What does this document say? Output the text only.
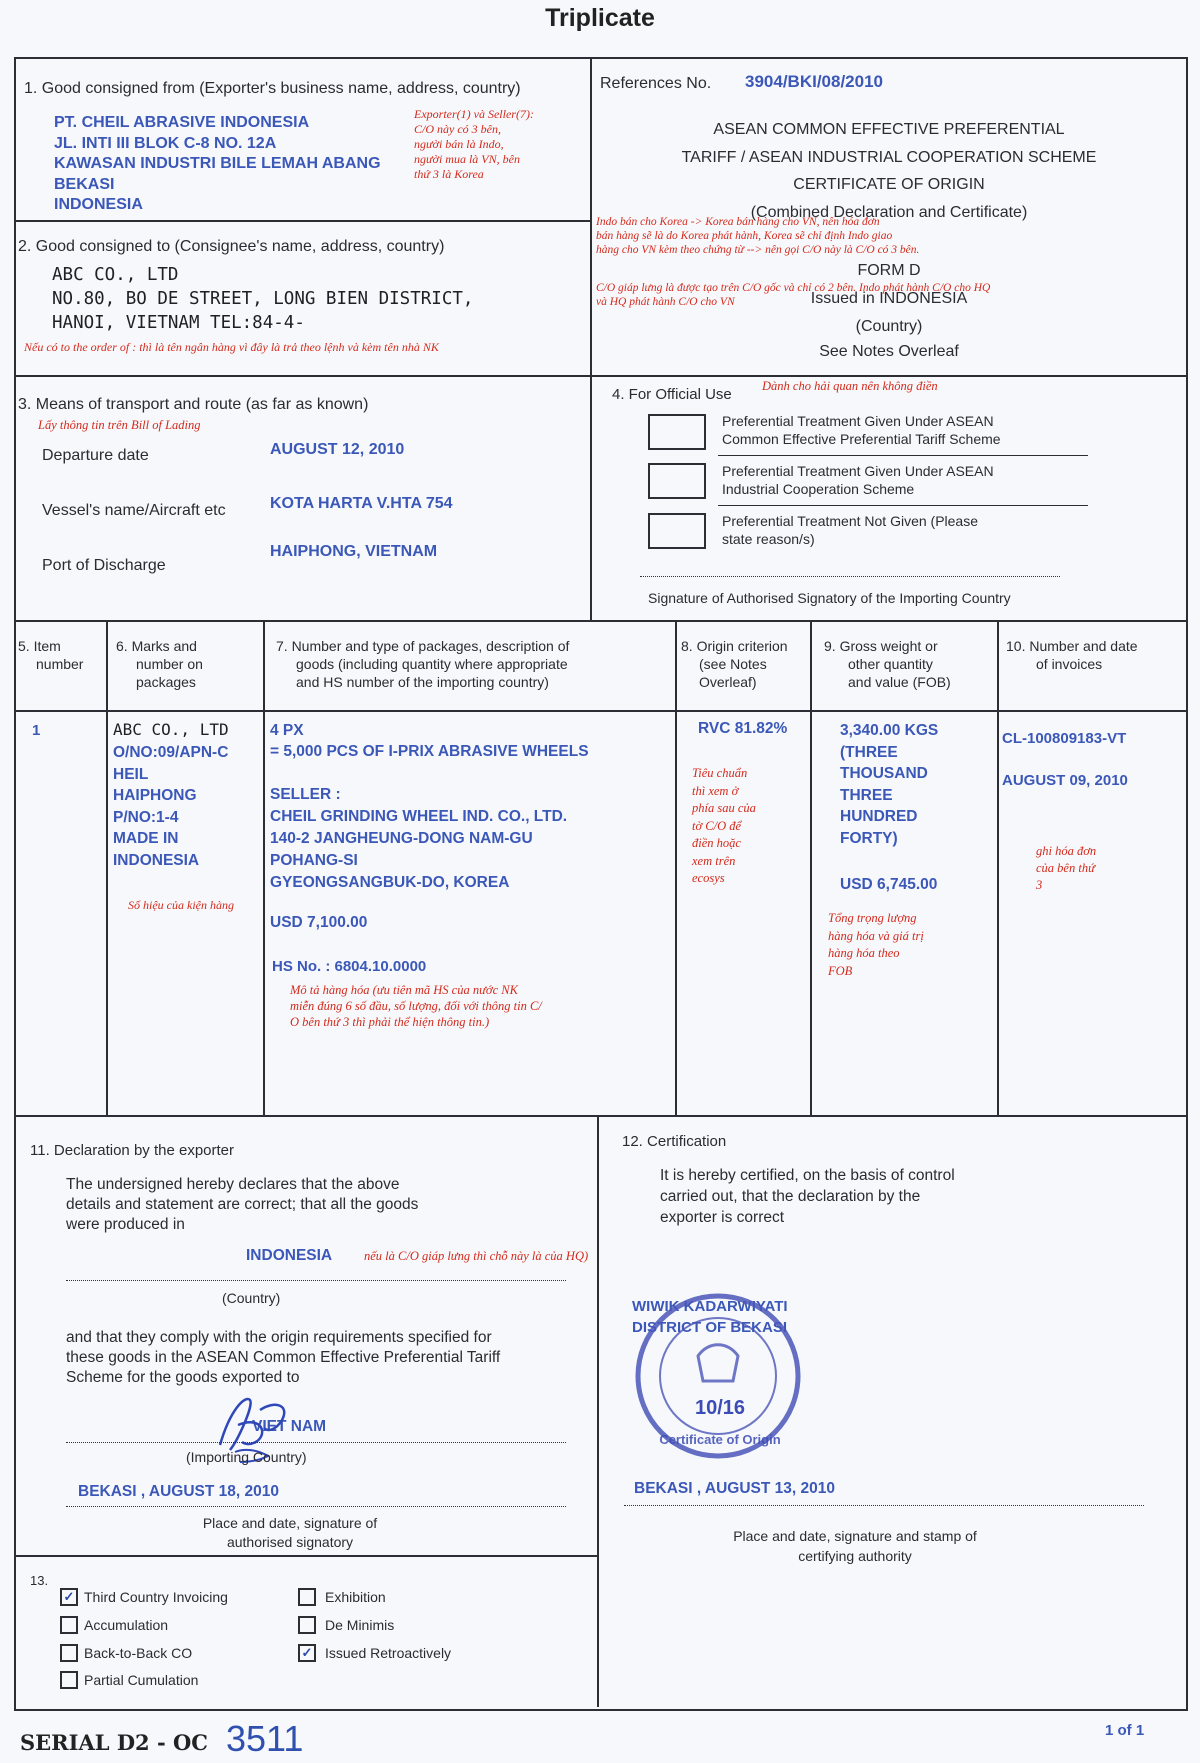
Triplicate
1. Good consigned from (Exporter's business name, address, country)
PT. CHEIL ABRASIVE INDONESIA
JL. INTI III BLOK C-8 NO. 12A
KAWASAN INDUSTRI BILE LEMAH ABANG
BEKASI
INDONESIA
Exporter(1) và Seller(7):
C/O này có 3 bên,
người bán là Indo,
người mua là VN, bên
thứ 3 là Korea
References No. 3904/BKI/08/2010
ASEAN COMMON EFFECTIVE PREFERENTIAL
TARIFF / ASEAN INDUSTRIAL COOPERATION SCHEME
CERTIFICATE OF ORIGIN
(Combined Declaration and Certificate)
FORM D
Issued in INDONESIA
(Country)
See Notes Overleaf
Indo bán cho Korea -> Korea bán hàng cho VN, nên hóa đơn
bán hàng sẽ là do Korea phát hành, Korea sẽ chỉ định Indo giao
hàng cho VN kèm theo chứng từ --> nên gọi C/O này là C/O có 3 bên.
C/O giáp lưng là được tạo trên C/O gốc và chỉ có 2 bên. Indo phát hành C/O cho HQ
và HQ phát hành C/O cho VN
2. Good consigned to (Consignee's name, address, country)
ABC CO., LTD
NO.80, BO DE STREET, LONG BIEN DISTRICT,
HANOI, VIETNAM TEL:84-4-
Nếu có to the order of : thì là tên ngân hàng vì đây là trả theo lệnh và kèm tên nhà NK
3. Means of transport and route (as far as known)
Lấy thông tin trên Bill of Lading
Departure date	AUGUST 12, 2010
Vessel's name/Aircraft etc	KOTA HARTA V.HTA 754
Port of Discharge
HAIPHONG, VIETNAM
4. For Official Use Dành cho hải quan nên không điền
Preferential Treatment Given Under ASEAN
Common Effective Preferential Tariff Scheme
Preferential Treatment Given Under ASEAN
Industrial Cooperation Scheme
Preferential Treatment Not Given (Please
state reason/s)
Signature of Authorised Signatory of the Importing Country
5. Item
number
6. Marks and
number on
packages
7. Number and type of packages, description of
goods (including quantity where appropriate
and HS number of the importing country)
8. Origin criterion
(see Notes
Overleaf)
9. Gross weight or
other quantity
and value (FOB)
10. Number and date
of invoices
1	ABC CO., LTD
O/NO:09/APN-C
HEIL
HAIPHONG
P/NO:1-4
MADE IN
INDONESIA
Số hiệu của kiện hàng
4 PX
= 5,000 PCS OF I-PRIX ABRASIVE WHEELS
SELLER :
CHEIL GRINDING WHEEL IND. CO., LTD.
140-2 JANGHEUNG-DONG NAM-GU
POHANG-SI
GYEONGSANGBUK-DO, KOREA
USD 7,100.00
HS No. : 6804.10.0000
Mô tả hàng hóa (ưu tiên mã HS của nước NK
miễn đúng 6 số đầu, số lượng, đối với thông tin C/
O bên thứ 3 thì phải thể hiện thông tin.)
RVC 81.82%
Tiêu chuẩn
thì xem ở
phía sau của
tờ C/O để
điền hoặc
xem trên
ecosys
3,340.00 KGS
(THREE
THOUSAND
THREE
HUNDRED
FORTY)
USD 6,745.00
Tổng trọng lượng
hàng hóa và giá trị
hàng hóa theo
FOB
CL-100809183-VT
AUGUST 09, 2010
ghi hóa đơn
của bên thứ
3
11. Declaration by the exporter
The undersigned hereby declares that the above
details and statement are correct; that all the goods
were produced in
INDONESIA	nếu là C/O giáp lưng thì chỗ này là của HQ)
(Country)
and that they comply with the origin requirements specified for
these goods in the ASEAN Common Effective Preferential Tariff
Scheme for the goods exported to
VIET NAM
(Importing Country)
BEKASI , AUGUST 18, 2010
Place and date, signature of
authorised signatory
12. Certification
It is hereby certified, on the basis of control
carried out, that the declaration by the
exporter is correct
WIWIK KADARWIYATI
DISTRICT OF BEKASI
10/16
Certificate of Origin
BEKASI , AUGUST 13, 2010
Place and date, signature and stamp of
certifying authority
13.
✓ Third Country Invoicing
Accumulation
Back-to-Back CO
Partial Cumulation
Exhibition
De Minimis
✓ Issued Retroactively
SERIAL D2 - OC 3511	1 of 1
